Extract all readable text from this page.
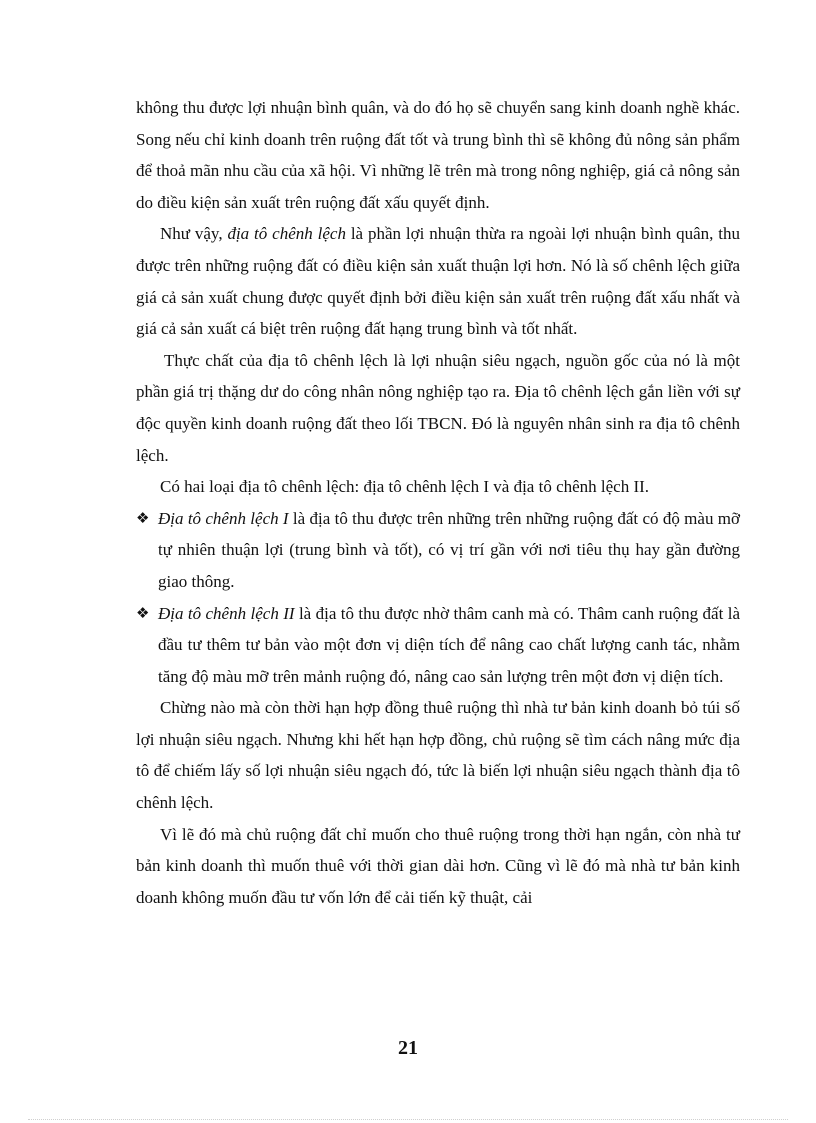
không thu được lợi nhuận bình quân, và do đó họ sẽ chuyển sang kinh doanh nghề khác. Song nếu chỉ kinh doanh trên ruộng đất tốt và trung bình thì sẽ không đủ nông sản phẩm để thoả mãn nhu cầu của xã hội. Vì những lẽ trên mà trong nông nghiệp, giá cả nông sản do điều kiện sản xuất trên ruộng đất xấu quyết định.

Như vậy, địa tô chênh lệch là phần lợi nhuận thừa ra ngoài lợi nhuận bình quân, thu được trên những ruộng đất có điều kiện sản xuất thuận lợi hơn. Nó là số chênh lệch giữa giá cả sản xuất chung được quyết định bởi điều kiện sản xuất trên ruộng đất xấu nhất và giá cả sản xuất cá biệt trên ruộng đất hạng trung bình và tốt nhất.

Thực chất của địa tô chênh lệch là lợi nhuận siêu ngạch, nguồn gốc của nó là một phần giá trị thặng dư do công nhân nông nghiệp tạo ra. Địa tô chênh lệch gắn liền với sự độc quyền kinh doanh ruộng đất theo lối TBCN. Đó là nguyên nhân sinh ra địa tô chênh lệch.

Có hai loại địa tô chênh lệch: địa tô chênh lệch I và địa tô chênh lệch II.

❖ Địa tô chênh lệch I là địa tô thu được trên những trên những ruộng đất có độ màu mỡ tự nhiên thuận lợi (trung bình và tốt), có vị trí gần với nơi tiêu thụ hay gần đường giao thông.

❖ Địa tô chênh lệch II là địa tô thu được nhờ thâm canh mà có. Thâm canh ruộng đất là đầu tư thêm tư bản vào một đơn vị diện tích để nâng cao chất lượng canh tác, nhằm tăng độ màu mỡ trên mảnh ruộng đó, nâng cao sản lượng trên một đơn vị diện tích.

Chừng nào mà còn thời hạn hợp đồng thuê ruộng thì nhà tư bản kinh doanh bỏ túi số lợi nhuận siêu ngạch. Nhưng khi hết hạn hợp đồng, chủ ruộng sẽ tìm cách nâng mức địa tô để chiếm lấy số lợi nhuận siêu ngạch đó, tức là biến lợi nhuận siêu ngạch thành địa tô chênh lệch.

Vì lẽ đó mà chủ ruộng đất chỉ muốn cho thuê ruộng trong thời hạn ngắn, còn nhà tư bản kinh doanh thì muốn thuê với thời gian dài hơn. Cũng vì lẽ đó mà nhà tư bản kinh doanh không muốn đầu tư vốn lớn để cải tiến kỹ thuật, cải

21
